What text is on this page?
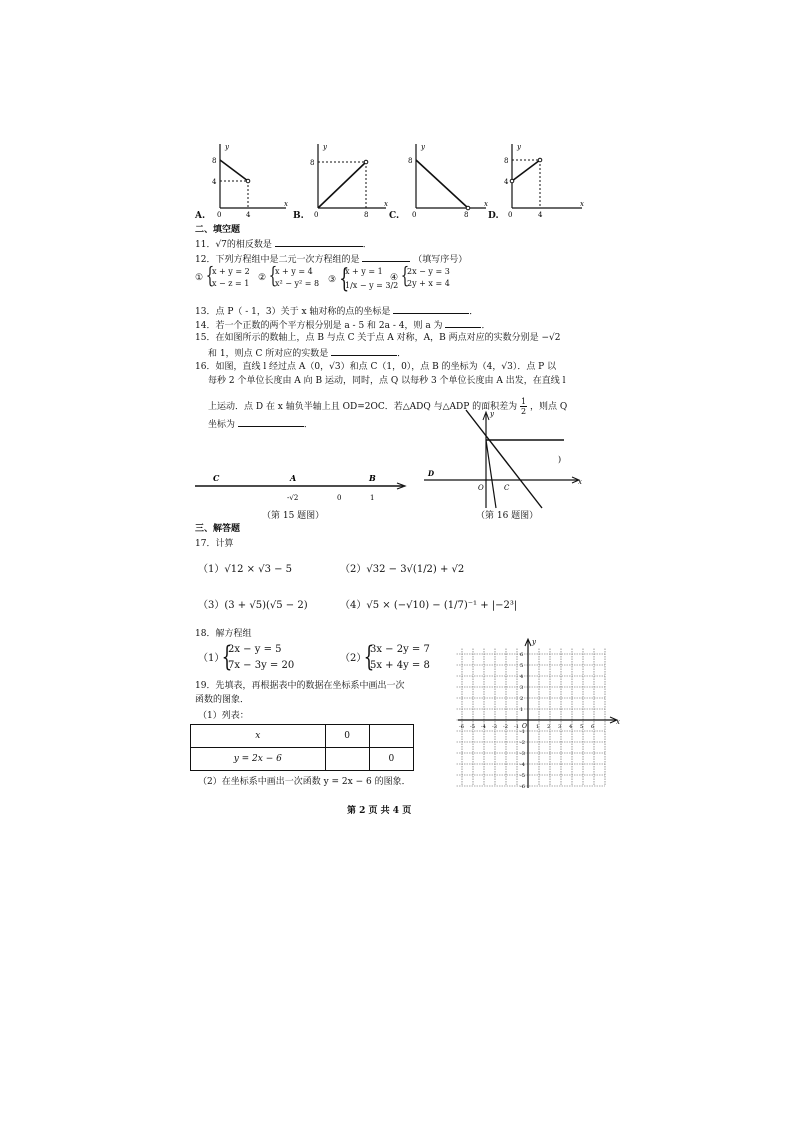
y
x
8
4
0	4
A.
y
x
8
0	8
B.
y
x
8
0	8
C.
y
x
8
4
0	4
D.
二、填空题
11．√7的相反数是	．
12．下列方程组中是二元一次方程组的是	（填写序号）
① {
x + y = 2
x − z = 1
② {
x + y = 4
x² − y² = 8 ③ {
x + y = 1
1/x − y = 3/2
④ {
2x − y = 3
2y + x = 4
13．点 P（ - 1，3）关于 x 轴对称的点的坐标是	．
14．若一个正数的两个平方根分别是 a - 5 和 2a - 4，则 a 为	．
15．在如图所示的数轴上，点 B 与点 C 关于点 A 对称，A，B 两点对应的实数分别是 −√2
和 1，则点 C 所对应的实数是	．
16．如图，直线 l 经过点 A（0，√3）和点 C（1，0），点 B 的坐标为（4，√3）．点 P 以
每秒 2 个单位长度由 A 向 B 运动，同时，点 Q 以每秒 3 个单位长度由 A 出发，在直线 l
上运动．点 D 在 x 轴负半轴上且 OD=2OC．若△ADQ 与△ADP 的面积差为 $\frac{1}{2}$ ，则点 Q
坐标为	．
C	A	B
-√2	0	1
（第 15 题图）
y
x
D
O	C
)
（第 16 题图）
三、解答题
17．计算
（1）√12 × √3 − 5	（2）√32 − 3√(1/2) + √2
（3）(3 + √5)(√5 − 2)	（4）√5 × (−√10) − (1/7)⁻¹ + |−2³|
18．解方程组
（1）
{
2x − y = 5
7x − 3y = 20
（2）
{
3x − 2y = 7
5x + 4y = 8
19．先填表，再根据表中的数据在坐标系中画出一次
函数的图象．
（1）列表：
x	0	
y = 2x − 6		0
（2）在坐标系中画出一次函数 y = 2x − 6 的图象．
x
y
O
-6 -5 -4 -3 -2 -1	1 2 3 4 5 6
6
5
4
3
2
1
-1
-2
-3
-4
-5
-6
第 2 页 共 4 页
